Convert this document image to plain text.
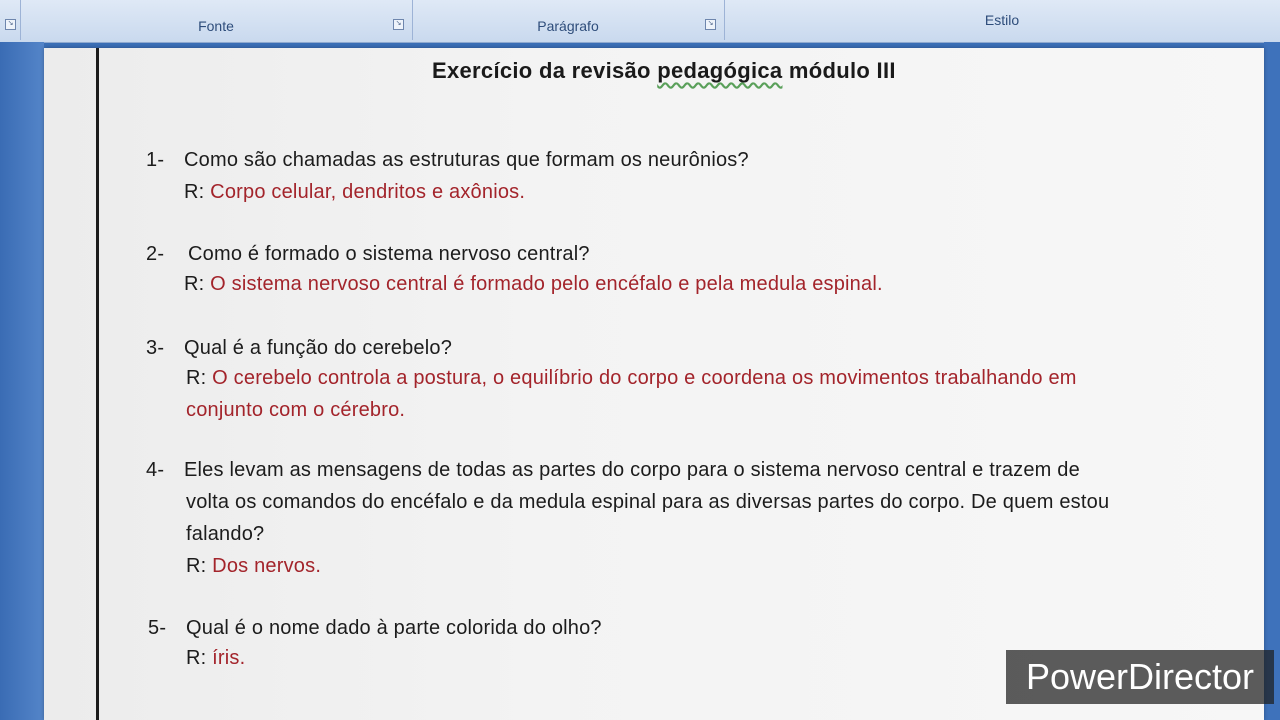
↘	Fonte	↘	Parágrafo	↘	Estilo
Exercício da revisão pedagógica módulo III
1- Como são chamadas as estruturas que formam os neurônios?
R: Corpo celular, dendritos e axônios.
2- Como é formado o sistema nervoso central?
R: O sistema nervoso central é formado pelo encéfalo e pela medula espinal.
3- Qual é a função do cerebelo?
R: O cerebelo controla a postura, o equilíbrio do corpo e coordena os movimentos trabalhando em
conjunto com o cérebro.
4- Eles levam as mensagens de todas as partes do corpo para o sistema nervoso central e trazem de
volta os comandos do encéfalo e da medula espinal para as diversas partes do corpo. De quem estou
falando?
R: Dos nervos.
5- Qual é o nome dado à parte colorida do olho?
R: íris.	PowerDirector
